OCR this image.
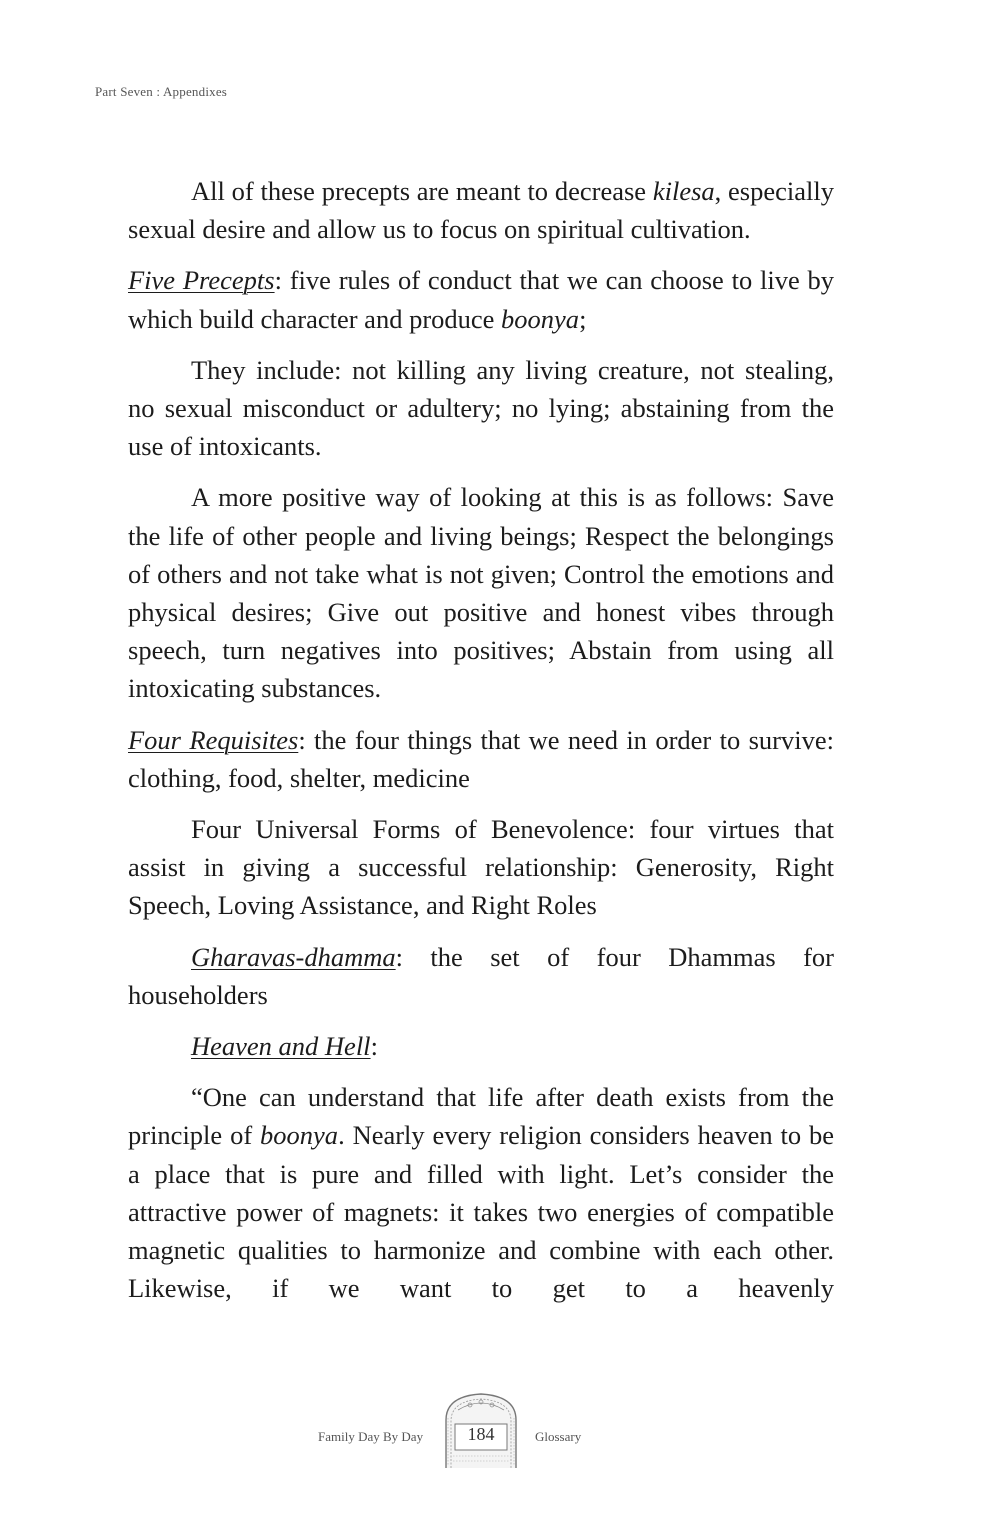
Part Seven : Appendixes

All of these precepts are meant to decrease kilesa, especially sexual desire and allow us to focus on spiritual cultivation.

Five Precepts: five rules of conduct that we can choose to live by which build character and produce boonya;

They include: not killing any living creature, not stealing, no sexual misconduct or adultery; no lying; abstaining from the use of intoxicants.

A more positive way of looking at this is as follows: Save the life of other people and living beings; Respect the belongings of others and not take what is not given; Control the emotions and physical desires; Give out positive and honest vibes through speech, turn negatives into positives; Abstain from using all intoxicating substances.

Four Requisites: the four things that we need in order to survive: clothing, food, shelter, medicine

Four Universal Forms of Benevolence: four virtues that assist in giving a successful relationship: Generosity, Right Speech, Loving Assistance, and Right Roles

Gharavas-dhamma: the set of four Dhammas for householders

Heaven and Hell:

“One can understand that life after death exists from the principle of boonya. Nearly every religion considers heaven to be a place that is pure and filled with light. Let’s consider the attractive power of magnets: it takes two energies of compatible magnetic qualities to harmonize and combine with each other. Likewise, if we want to get to a heavenly

Family Day By Day	184	Glossary
